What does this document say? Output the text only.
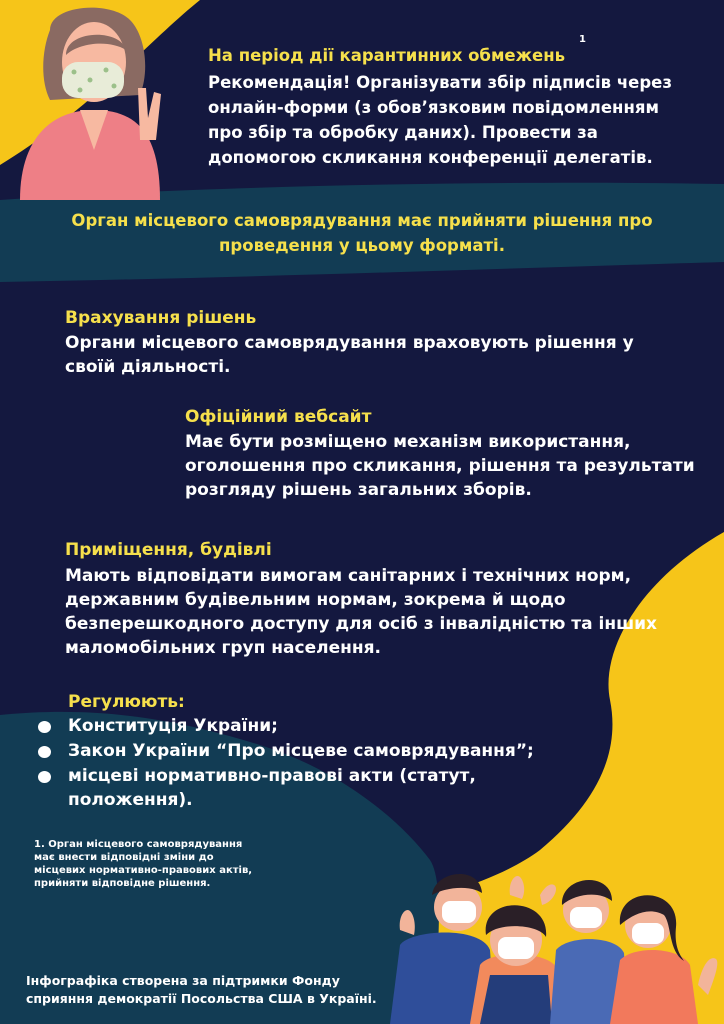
На період дії карантинних обмежень
1
Рекомендація! Організувати збір підписів через онлайн-форми (з обов’язковим повідомленням про збір та обробку даних). Провести за допомогою скликання конференції делегатів.
Орган місцевого самоврядування має прийняти рішення про проведення у цьому форматі.
Врахування рішень
Органи місцевого самоврядування враховують рішення у своїй діяльності.
Офіційний вебсайт
Має бути розміщено механізм використання, оголошення про скликання, рішення та результати розгляду рішень загальних зборів.
Приміщення, будівлі
Мають відповідати вимогам санітарних і технічних норм, державним будівельним нормам, зокрема й щодо безперешкодного доступу для осіб з інвалідністю та інших маломобільних груп населення.
Регулюють:
Конституція України;
Закон України “Про місцеве самоврядування”;
місцеві нормативно-правові акти (статут, положення).
1. Орган місцевого самоврядування має внести відповідні зміни до місцевих нормативно-правових актів, прийняти відповідне рішення.
Інфографіка створена за підтримки Фонду сприяння демократії Посольства США в Україні.
